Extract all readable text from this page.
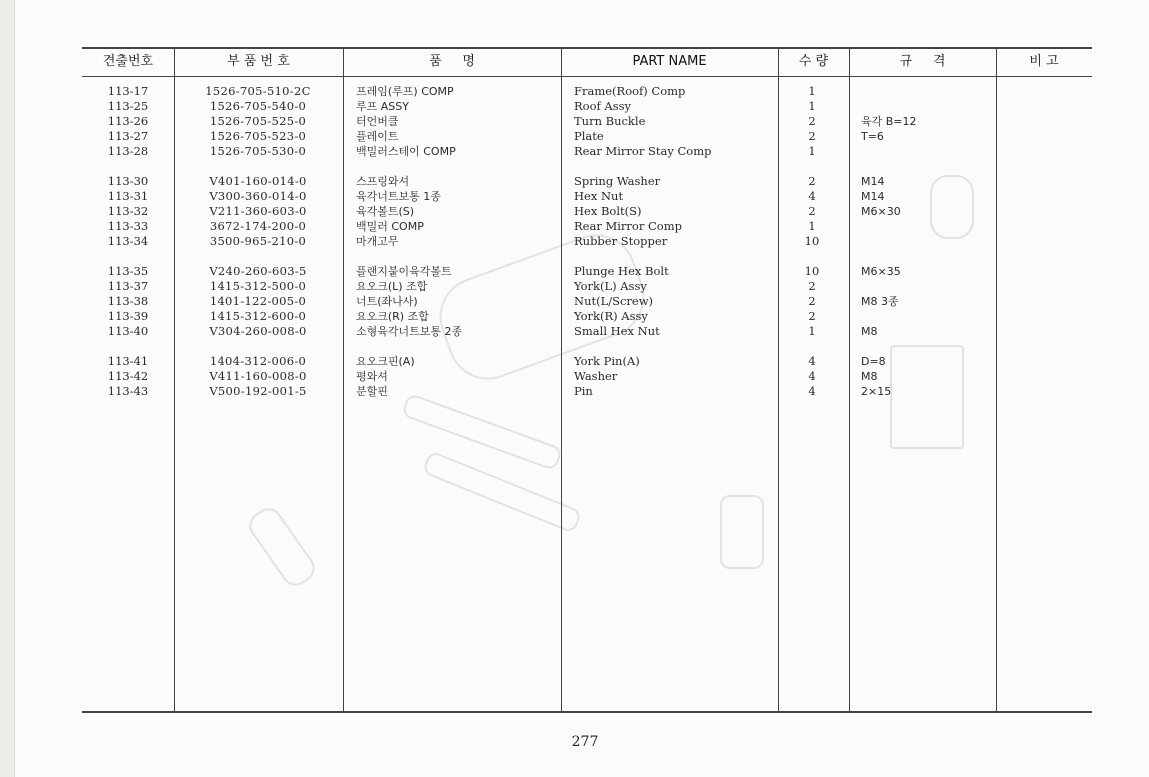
견출번호	부 품 번 호	품     명	PART NAME	수 량	규     격	비 고
113-17	1526-705-510-2C	프레임(루프) COMP	Frame(Roof) Comp	1
113-25	1526-705-540-0	루프 ASSY	Roof Assy	1
113-26	1526-705-525-0	터언버클	Turn Buckle	2	육각 B=12
113-27	1526-705-523-0	플레이트	Plate	2	T=6
113-28	1526-705-530-0	백밀러스테이 COMP	Rear Mirror Stay Comp	1
113-30	V401-160-014-0	스프링와셔	Spring Washer	2	M14
113-31	V300-360-014-0	육각너트보통 1종	Hex Nut	4	M14
113-32	V211-360-603-0	육각볼트(S)	Hex Bolt(S)	2	M6×30
113-33	3672-174-200-0	백밀러 COMP	Rear Mirror Comp	1
113-34	3500-965-210-0	마개고무	Rubber Stopper	10
113-35	V240-260-603-5	플랜지붙이육각볼트	Plunge Hex Bolt	10	M6×35
113-37	1415-312-500-0	요오크(L) 조합	York(L) Assy	2
113-38	1401-122-005-0	너트(좌나사)	Nut(L/Screw)	2	M8 3종
113-39	1415-312-600-0	요오크(R) 조합	York(R) Assy	2
113-40	V304-260-008-0	소형육각너트보통 2종	Small Hex Nut	1	M8
113-41	1404-312-006-0	요오크핀(A)	York Pin(A)	4	D=8
113-42	V411-160-008-0	평와셔	Washer	4	M8
113-43	V500-192-001-5	분할핀	Pin	4	2×15
277
